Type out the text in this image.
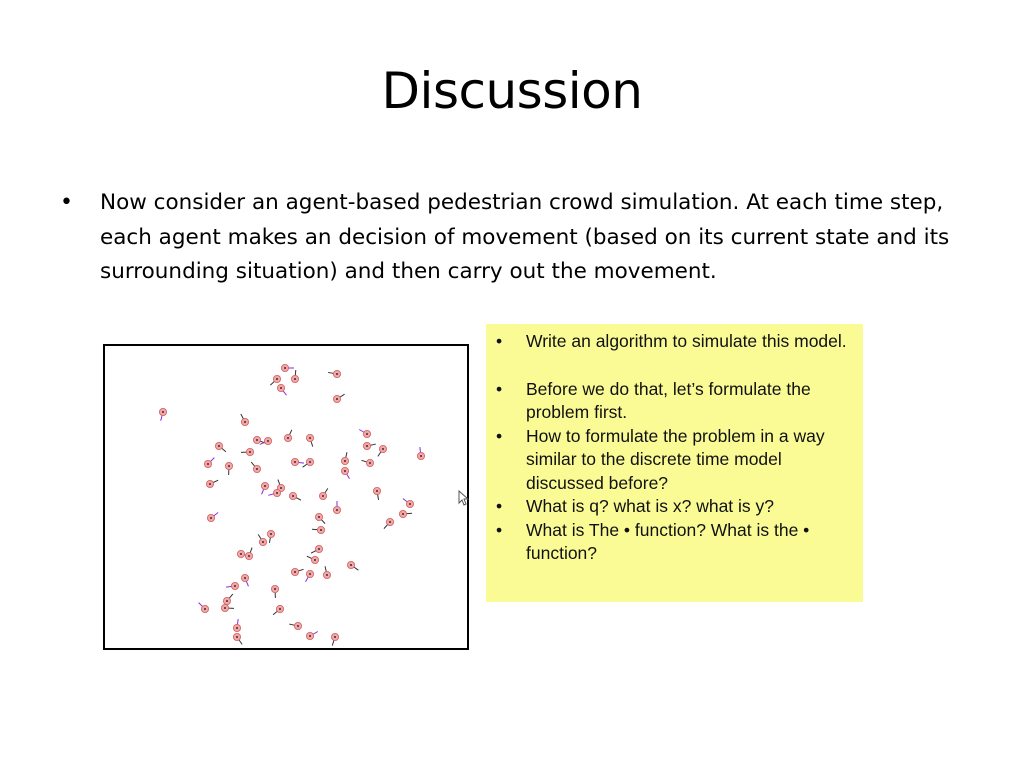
Discussion
•	Now consider an agent-based pedestrian crowd simulation. At each time step, each agent makes an decision of movement (based on its current state and its surrounding situation) and then carry out the movement.
•	Write an algorithm to simulate this model.
•	Before we do that, let’s formulate the problem first.
•	How to formulate the problem in a way similar to the discrete time model discussed before?
•	What is q? what is x? what is y?
•	What is The • function? What is the • function?
